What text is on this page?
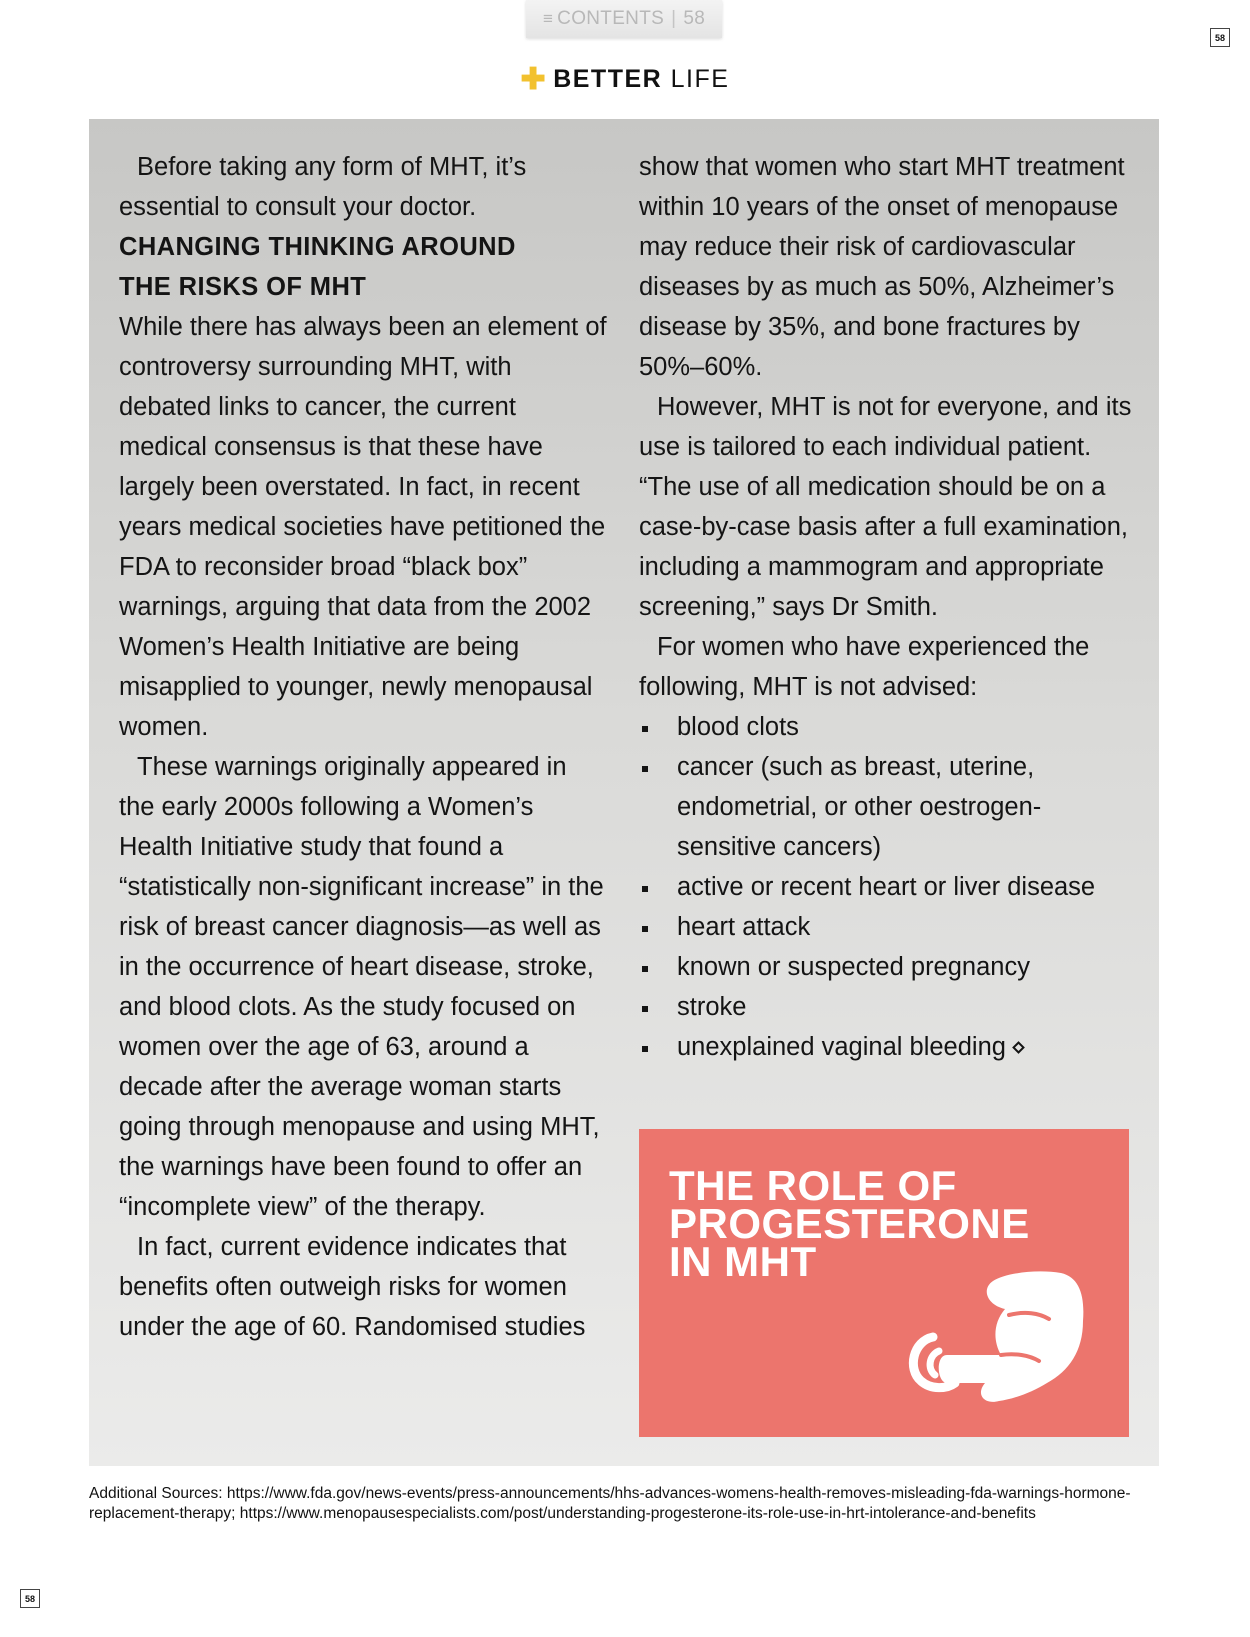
≡ CONTENTS | 58
58
✚ BETTER LIFE

Before taking any form of MHT, it’s essential to consult your doctor.

CHANGING THINKING AROUND
THE RISKS OF MHT

While there has always been an element of controversy surrounding MHT, with debated links to cancer, the current medical consensus is that these have largely been overstated. In fact, in recent years medical societies have petitioned the FDA to reconsider broad “black box” warnings, arguing that data from the 2002 Women’s Health Initiative are being misapplied to younger, newly menopausal women.

These warnings originally appeared in the early 2000s following a Women’s Health Initiative study that found a “statistically non-significant increase” in the risk of breast cancer diagnosis—as well as in the occurrence of heart disease, stroke, and blood clots. As the study focused on women over the age of 63, around a decade after the average woman starts going through menopause and using MHT, the warnings have been found to offer an “incomplete view” of the therapy.

In fact, current evidence indicates that benefits often outweigh risks for women under the age of 60. Randomised studies

show that women who start MHT treatment within 10 years of the onset of menopause may reduce their risk of cardiovascular diseases by as much as 50%, Alzheimer’s disease by 35%, and bone fractures by 50%–60%.

However, MHT is not for everyone, and its use is tailored to each individual patient. “The use of all medication should be on a case-by-case basis after a full examination, including a mammogram and appropriate screening,” says Dr Smith.

For women who have experienced the following, MHT is not advised:

blood clots
cancer (such as breast, uterine, endometrial, or other oestrogen-sensitive cancers)
active or recent heart or liver disease
heart attack
known or suspected pregnancy
stroke
unexplained vaginal bleeding
THE ROLE OF
PROGESTERONE
IN MHT
Additional Sources: https://www.fda.gov/news-events/press-announcements/hhs-advances-womens-health-removes-misleading-fda-warnings-hormone-replacement-therapy; https://www.menopausespecialists.com/post/understanding-progesterone-its-role-use-in-hrt-intolerance-and-benefits
58
